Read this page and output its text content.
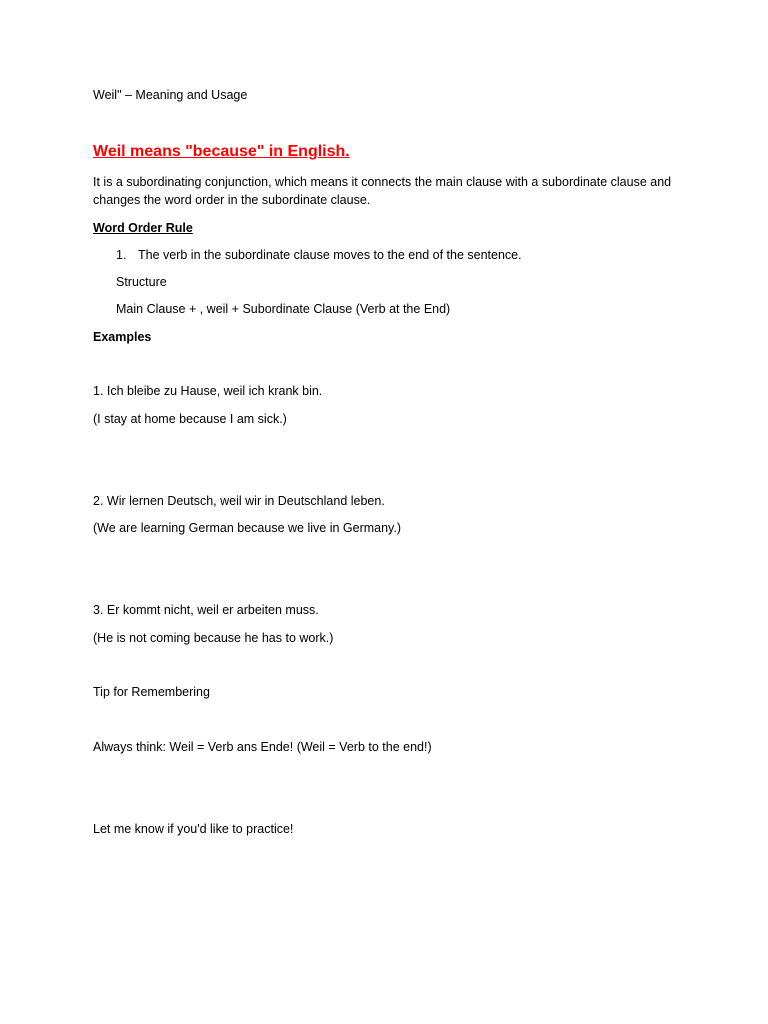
Weil" – Meaning and Usage
Weil means "because" in English.
It is a subordinating conjunction, which means it connects the main clause with a subordinate clause and changes the word order in the subordinate clause.
Word Order Rule
1. The verb in the subordinate clause moves to the end of the sentence.
Structure
Main Clause + , weil + Subordinate Clause (Verb at the End)
Examples
1. Ich bleibe zu Hause, weil ich krank bin.
(I stay at home because I am sick.)
2. Wir lernen Deutsch, weil wir in Deutschland leben.
(We are learning German because we live in Germany.)
3. Er kommt nicht, weil er arbeiten muss.
(He is not coming because he has to work.)
Tip for Remembering
Always think: Weil = Verb ans Ende! (Weil = Verb to the end!)
Let me know if you'd like to practice!
